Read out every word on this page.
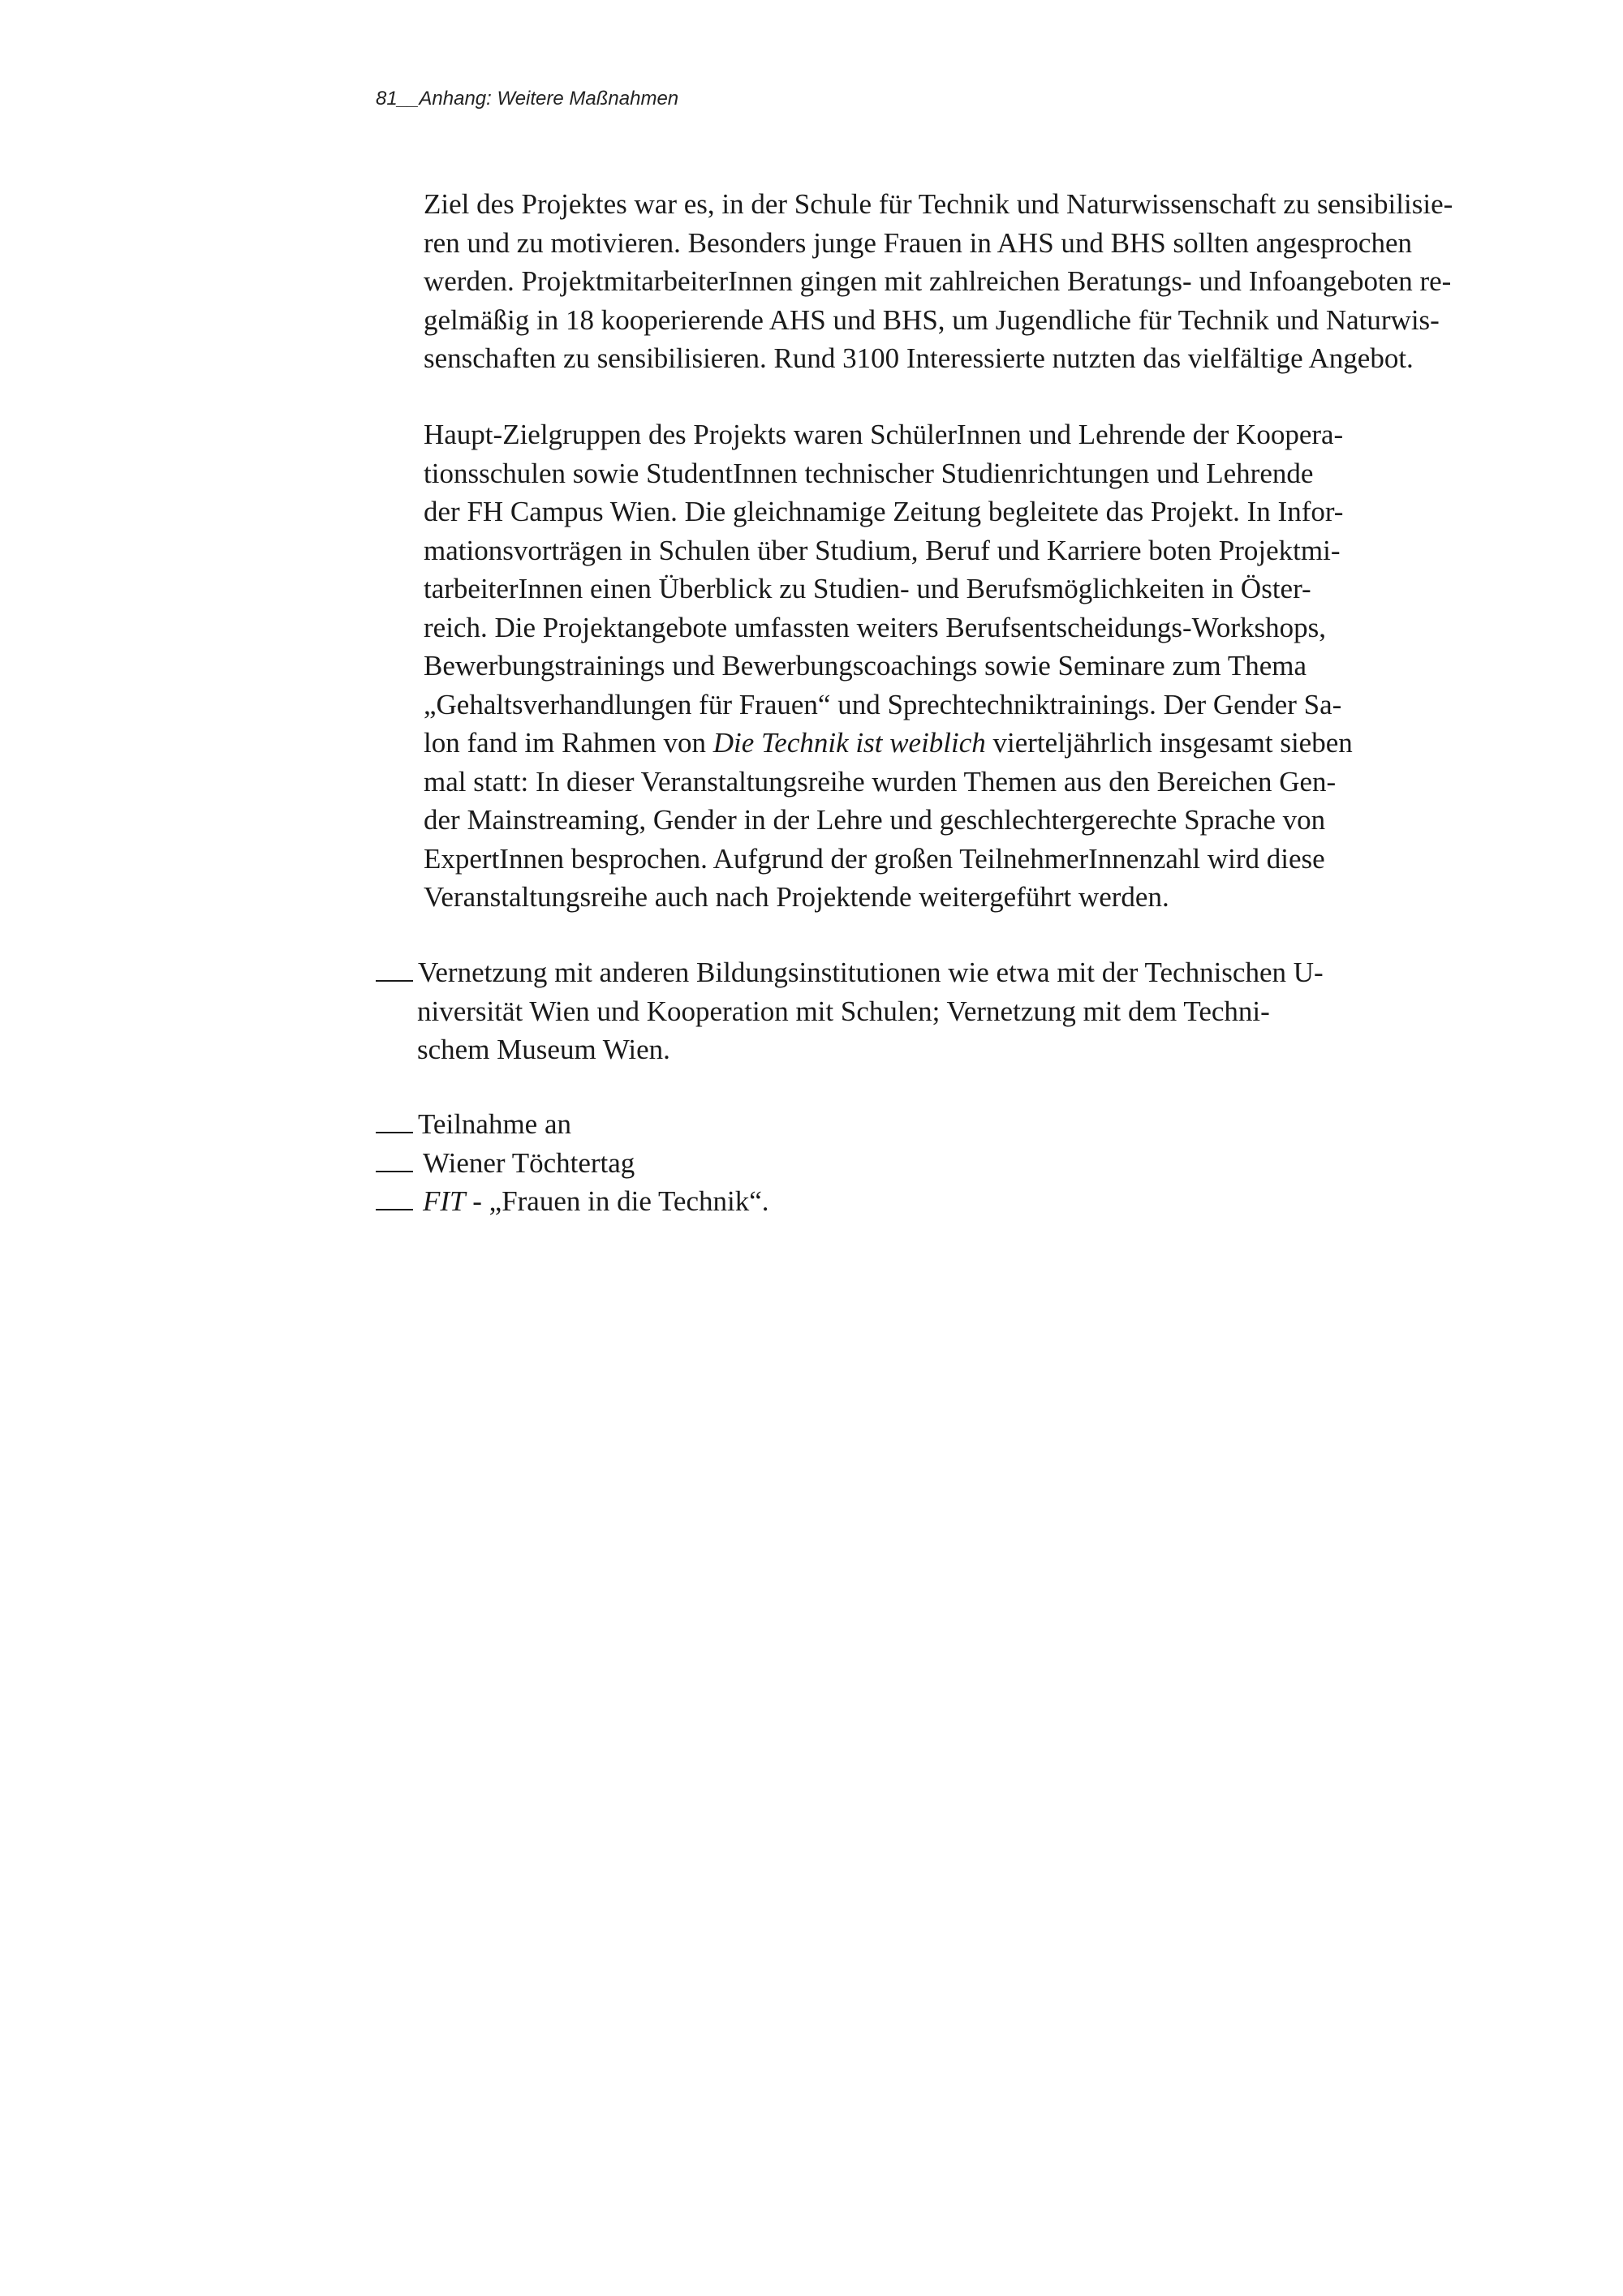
81__Anhang: Weitere Maßnahmen
Ziel des Projektes war es, in der Schule für Technik und Naturwissenschaft zu sensibilisie-
ren und zu motivieren. Besonders junge Frauen in AHS und BHS sollten angesprochen
werden. ProjektmitarbeiterInnen gingen mit zahlreichen Beratungs- und Infoangeboten re-
gelmäßig in 18 kooperierende AHS und BHS, um Jugendliche für Technik und Naturwis-
senschaften zu sensibilisieren. Rund 3100 Interessierte nutzten das vielfältige Angebot.
Haupt-Zielgruppen des Projekts waren SchülerInnen und Lehrende der Kooperа-
tionsschulen sowie StudentInnen technischer Studienrichtungen und Lehrende
der FH Campus Wien. Die gleichnamige Zeitung begleitete das Projekt. In Infor-
mationsvorträgen in Schulen über Studium, Beruf und Karriere boten Projektmi-
tarbeiterInnen einen Überblick zu Studien- und Berufsmöglichkeiten in Öster-
reich. Die Projektangebote umfassten weiters Berufsentscheidungs-Workshops,
Bewerbungstrainings und Bewerbungscoachings sowie Seminare zum Thema
„Gehaltsverhandlungen für Frauen“ und Sprechtechniktrainings. Der Gender Sa-
lon fand im Rahmen von Die Technik ist weiblich vierteljährlich insgesamt sieben
mal statt: In dieser Veranstaltungsreihe wurden Themen aus den Bereichen Gen-
der Mainstreaming, Gender in der Lehre und geschlechtergerechte Sprache von
ExpertInnen besprochen. Aufgrund der großen TeilnehmerInnenzahl wird diese
Veranstaltungsreihe auch nach Projektende weitergeführt werden.
Vernetzung mit anderen Bildungsinstitutionen wie etwa mit der Technischen U-
niversität Wien und Kooperation mit Schulen; Vernetzung mit dem Techni-
schem Museum Wien.
Teilnahme an
Wiener Töchtertag
FIT - „Frauen in die Technik“.
